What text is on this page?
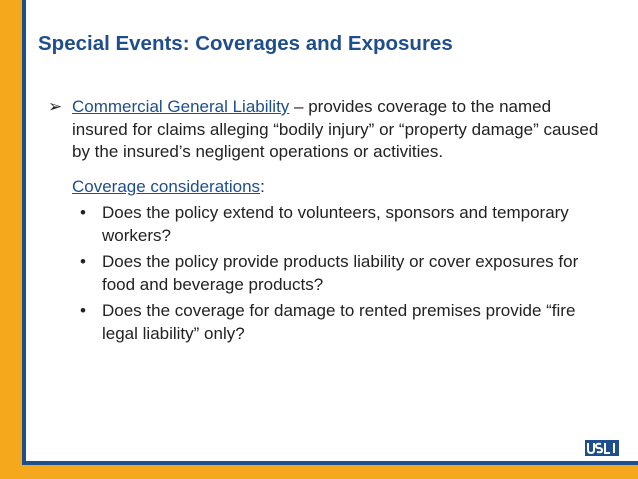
Special Events: Coverages and Exposures
➢ Commercial General Liability – provides coverage to the named insured for claims alleging “bodily injury” or “property damage” caused by the insured’s negligent operations or activities.
Coverage considerations:
• Does the policy extend to volunteers, sponsors and temporary workers?
• Does the policy provide products liability or cover exposures for food and beverage products?
• Does the coverage for damage to rented premises provide “fire legal liability” only?
